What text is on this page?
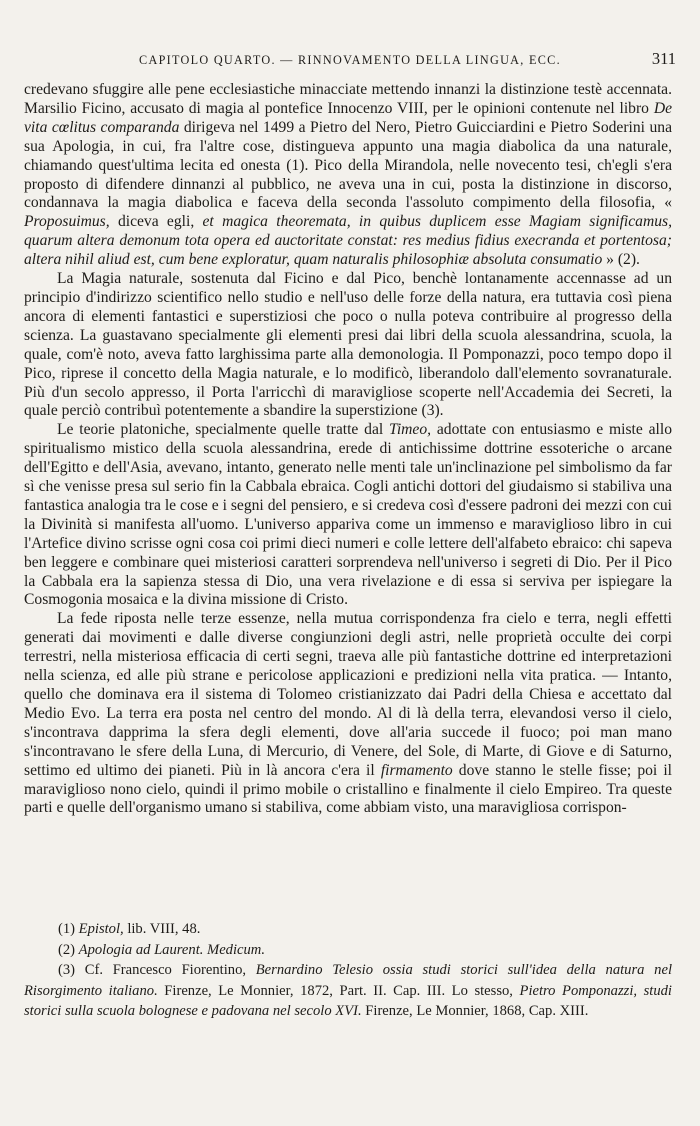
CAPITOLO QUARTO. — RINNOVAMENTO DELLA LINGUA, ECC.	311

credevano sfuggire alle pene ecclesiastiche minacciate mettendo innanzi la distinzione testè accennata. Marsilio Ficino, accusato di magia al pontefice Innocenzo VIII, per le opinioni contenute nel libro De vita cœlitus comparanda dirigeva nel 1499 a Pietro del Nero, Pietro Guicciardini e Pietro Soderini una sua Apologia, in cui, fra l'altre cose, distingueva appunto una magia diabolica da una naturale, chiamando quest'ultima lecita ed onesta (1). Pico della Mirandola, nelle novecento tesi, ch'egli s'era proposto di difendere dinnanzi al pubblico, ne aveva una in cui, posta la distinzione in discorso, condannava la magia diabolica e faceva della seconda l'assoluto compimento della filosofia, « Proposuimus, diceva egli, et magica theoremata, in quibus duplicem esse Magiam significamus, quarum altera demonum tota opera ed auctoritate constat: res medius fidius execranda et portentosa; altera nihil aliud est, cum bene exploratur, quam naturalis philosophiæ absoluta consumatio » (2).

La Magia naturale, sostenuta dal Ficino e dal Pico, benchè lontanamente accennasse ad un principio d'indirizzo scientifico nello studio e nell'uso delle forze della natura, era tuttavia così piena ancora di elementi fantastici e superstiziosi che poco o nulla poteva contribuire al progresso della scienza. La guastavano specialmente gli elementi presi dai libri della scuola alessandrina, scuola, la quale, com'è noto, aveva fatto larghissima parte alla demonologia. Il Pomponazzi, poco tempo dopo il Pico, riprese il concetto della Magia naturale, e lo modificò, liberandolo dall'elemento sovranaturale. Più d'un secolo appresso, il Porta l'arricchì di maravigliose scoperte nell'Accademia dei Secreti, la quale perciò contribuì potentemente a sbandire la superstizione (3).

Le teorie platoniche, specialmente quelle tratte dal Timeo, adottate con entusiasmo e miste allo spiritualismo mistico della scuola alessandrina, erede di antichissime dottrine essoteriche o arcane dell'Egitto e dell'Asia, avevano, intanto, generato nelle menti tale un'inclinazione pel simbolismo da far sì che venisse presa sul serio fin la Cabbala ebraica. Cogli antichi dottori del giudaismo si stabiliva una fantastica analogia tra le cose e i segni del pensiero, e si credeva così d'essere padroni dei mezzi con cui la Divinità si manifesta all'uomo. L'universo appariva come un immenso e maraviglioso libro in cui l'Artefice divino scrisse ogni cosa coi primi dieci numeri e colle lettere dell'alfabeto ebraico: chi sapeva ben leggere e combinare quei misteriosi caratteri sorprendeva nell'universo i segreti di Dio. Per il Pico la Cabbala era la sapienza stessa di Dio, una vera rivelazione e di essa si serviva per ispiegare la Cosmogonia mosaica e la divina missione di Cristo.

La fede riposta nelle terze essenze, nella mutua corrispondenza fra cielo e terra, negli effetti generati dai movimenti e dalle diverse congiunzioni degli astri, nelle proprietà occulte dei corpi terrestri, nella misteriosa efficacia di certi segni, traeva alle più fantastiche dottrine ed interpretazioni nella scienza, ed alle più strane e pericolose applicazioni e predizioni nella vita pratica. — Intanto, quello che dominava era il sistema di Tolomeo cristianizzato dai Padri della Chiesa e accettato dal Medio Evo. La terra era posta nel centro del mondo. Al di là della terra, elevandosi verso il cielo, s'incontrava dapprima la sfera degli elementi, dove all'aria succede il fuoco; poi man mano s'incontravano le sfere della Luna, di Mercurio, di Venere, del Sole, di Marte, di Giove e di Saturno, settimo ed ultimo dei pianeti. Più in là ancora c'era il firmamento dove stanno le stelle fisse; poi il maraviglioso nono cielo, quindi il primo mobile o cristallino e finalmente il cielo Empireo. Tra queste parti e quelle dell'organismo umano si stabiliva, come abbiam visto, una maravigliosa corrispon-

(1) Epistol, lib. VIII, 48.

(2) Apologia ad Laurent. Medicum.

(3) Cf. Francesco Fiorentino, Bernardino Telesio ossia studi storici sull'idea della natura nel Risorgimento italiano. Firenze, Le Monnier, 1872, Part. II. Cap. III. Lo stesso, Pietro Pomponazzi, studi storici sulla scuola bolognese e padovana nel secolo XVI. Firenze, Le Monnier, 1868, Cap. XIII.
